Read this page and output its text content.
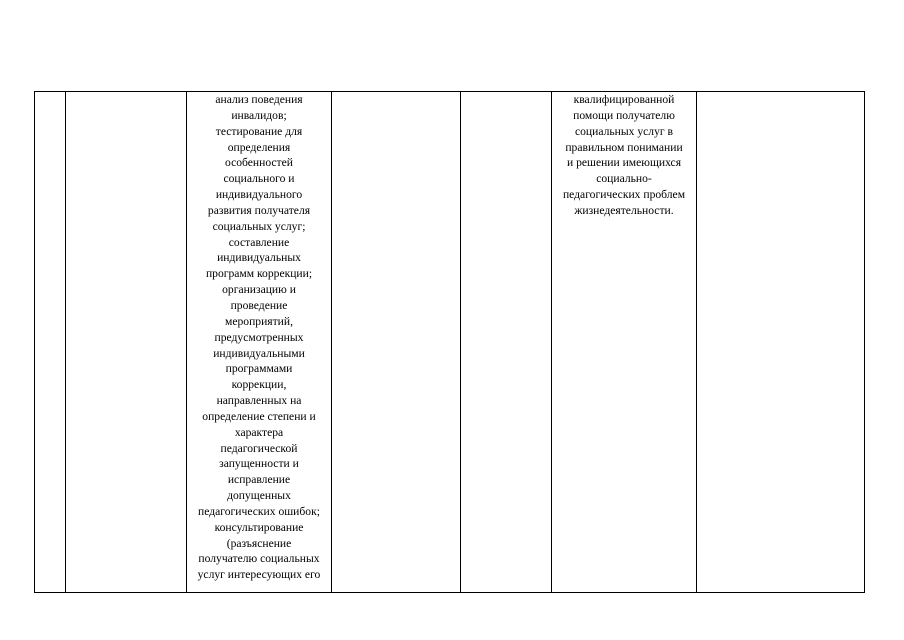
		анализ поведения
инвалидов;
тестирование для
определения
особенностей
социального и
индивидуального
развития получателя
социальных услуг;
составление
индивидуальных
программ коррекции;
организацию и
проведение
мероприятий,
предусмотренных
индивидуальными
программами
коррекции,
направленных на
определение степени и
характера
педагогической
запущенности и
исправление
допущенных
педагогических ошибок;
консультирование
(разъяснение
получателю социальных
услуг интересующих его			квалифицированной
помощи получателю
социальных услуг в
правильном понимании
и решении имеющихся
социально-
педагогических проблем
жизнедеятельности.	
